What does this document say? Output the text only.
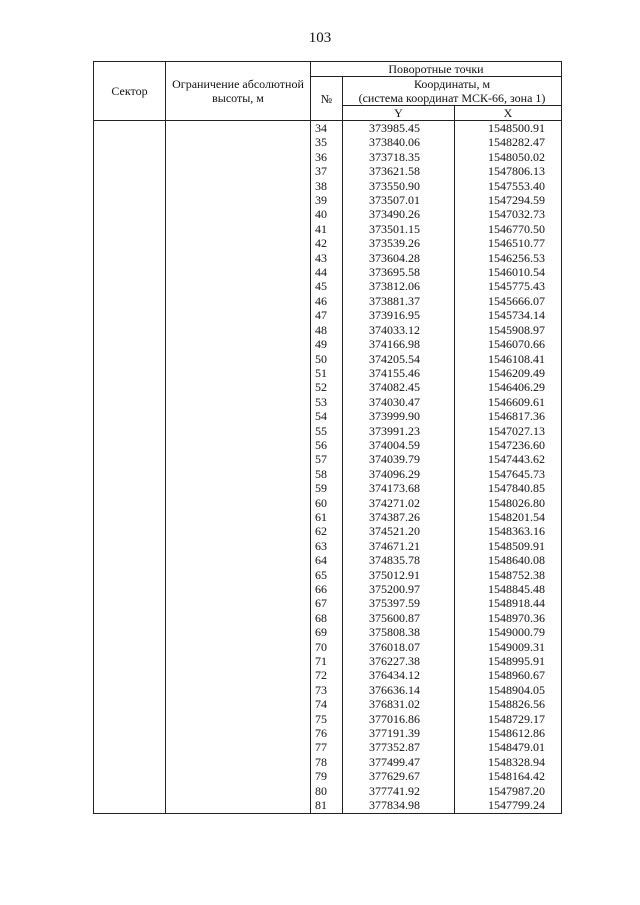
103
Сектор	Ограничение абсолютной высоты, м	Поворотные точки		
		№	Координаты, м	
			(система координат МСК-66, зона 1)	
			Y	X
		34	373985.45	1548500.91
		35	373840.06	1548282.47
		36	373718.35	1548050.02
		37	373621.58	1547806.13
		38	373550.90	1547553.40
		39	373507.01	1547294.59
		40	373490.26	1547032.73
		41	373501.15	1546770.50
		42	373539.26	1546510.77
		43	373604.28	1546256.53
		44	373695.58	1546010.54
		45	373812.06	1545775.43
		46	373881.37	1545666.07
		47	373916.95	1545734.14
		48	374033.12	1545908.97
		49	374166.98	1546070.66
		50	374205.54	1546108.41
		51	374155.46	1546209.49
		52	374082.45	1546406.29
		53	374030.47	1546609.61
		54	373999.90	1546817.36
		55	373991.23	1547027.13
		56	374004.59	1547236.60
		57	374039.79	1547443.62
		58	374096.29	1547645.73
		59	374173.68	1547840.85
		60	374271.02	1548026.80
		61	374387.26	1548201.54
		62	374521.20	1548363.16
		63	374671.21	1548509.91
		64	374835.78	1548640.08
		65	375012.91	1548752.38
		66	375200.97	1548845.48
		67	375397.59	1548918.44
		68	375600.87	1548970.36
		69	375808.38	1549000.79
		70	376018.07	1549009.31
		71	376227.38	1548995.91
		72	376434.12	1548960.67
		73	376636.14	1548904.05
		74	376831.02	1548826.56
		75	377016.86	1548729.17
		76	377191.39	1548612.86
		77	377352.87	1548479.01
		78	377499.47	1548328.94
		79	377629.67	1548164.42
		80	377741.92	1547987.20
		81	377834.98	1547799.24
